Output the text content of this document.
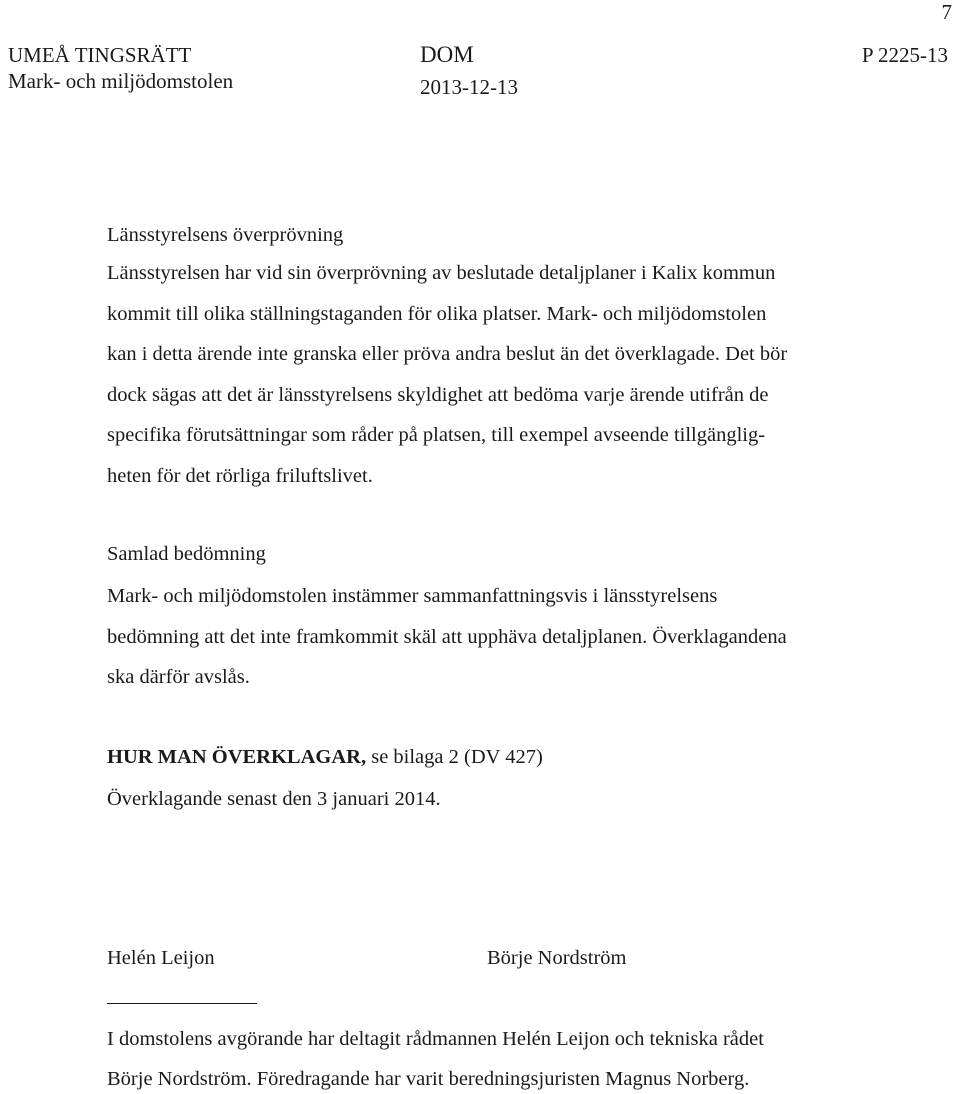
7
UMEÅ TINGSRÄTT
Mark- och miljödomstolen
DOM
2013-12-13
P 2225-13
Länsstyrelsens överprövning
Länsstyrelsen har vid sin överprövning av beslutade detaljplaner i Kalix kommun
kommit till olika ställningstaganden för olika platser. Mark- och miljödomstolen
kan i detta ärende inte granska eller pröva andra beslut än det överklagade. Det bör
dock sägas att det är länsstyrelsens skyldighet att bedöma varje ärende utifrån de
specifika förutsättningar som råder på platsen, till exempel avseende tillgänglig-
heten för det rörliga friluftslivet.
Samlad bedömning
Mark- och miljödomstolen instämmer sammanfattningsvis i länsstyrelsens
bedömning att det inte framkommit skäl att upphäva detaljplanen. Överklagandena
ska därför avslås.
HUR MAN ÖVERKLAGAR, se bilaga 2 (DV 427)
Överklagande senast den 3 januari 2014.
Helén Leijon	Börje Nordström
I domstolens avgörande har deltagit rådmannen Helén Leijon och tekniska rådet
Börje Nordström. Föredragande har varit beredningsjuristen Magnus Norberg.
